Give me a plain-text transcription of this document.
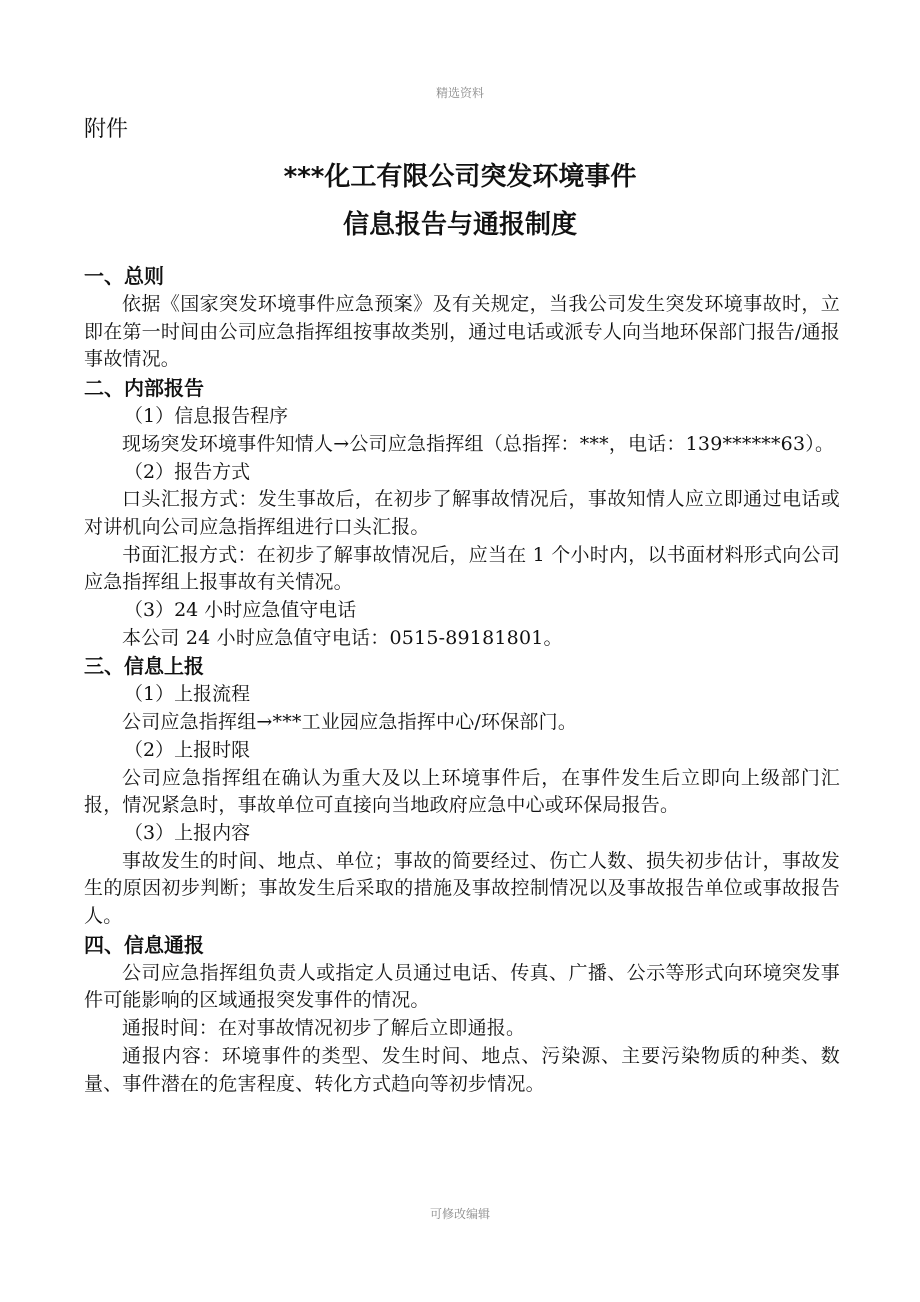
精选资料
附件
***化工有限公司突发环境事件
信息报告与通报制度

一、总则

依据《国家突发环境事件应急预案》及有关规定，当我公司发生突发环境事故时，立即在第一时间由公司应急指挥组按事故类别，通过电话或派专人向当地环保部门报告/通报事故情况。

二、内部报告

（1）信息报告程序

现场突发环境事件知情人→公司应急指挥组（总指挥：***，电话：139******63）。

（2）报告方式

口头汇报方式：发生事故后，在初步了解事故情况后，事故知情人应立即通过电话或对讲机向公司应急指挥组进行口头汇报。

书面汇报方式：在初步了解事故情况后，应当在 1 个小时内，以书面材料形式向公司应急指挥组上报事故有关情况。

（3）24 小时应急值守电话

本公司 24 小时应急值守电话：0515-89181801。

三、信息上报

（1）上报流程

公司应急指挥组→***工业园应急指挥中心/环保部门。

（2）上报时限

公司应急指挥组在确认为重大及以上环境事件后，在事件发生后立即向上级部门汇报，情况紧急时，事故单位可直接向当地政府应急中心或环保局报告。

（3）上报内容

事故发生的时间、地点、单位；事故的简要经过、伤亡人数、损失初步估计，事故发生的原因初步判断；事故发生后采取的措施及事故控制情况以及事故报告单位或事故报告人。

四、信息通报

公司应急指挥组负责人或指定人员通过电话、传真、广播、公示等形式向环境突发事件可能影响的区域通报突发事件的情况。

通报时间：在对事故情况初步了解后立即通报。

通报内容：环境事件的类型、发生时间、地点、污染源、主要污染物质的种类、数量、事件潜在的危害程度、转化方式趋向等初步情况。

可修改编辑
